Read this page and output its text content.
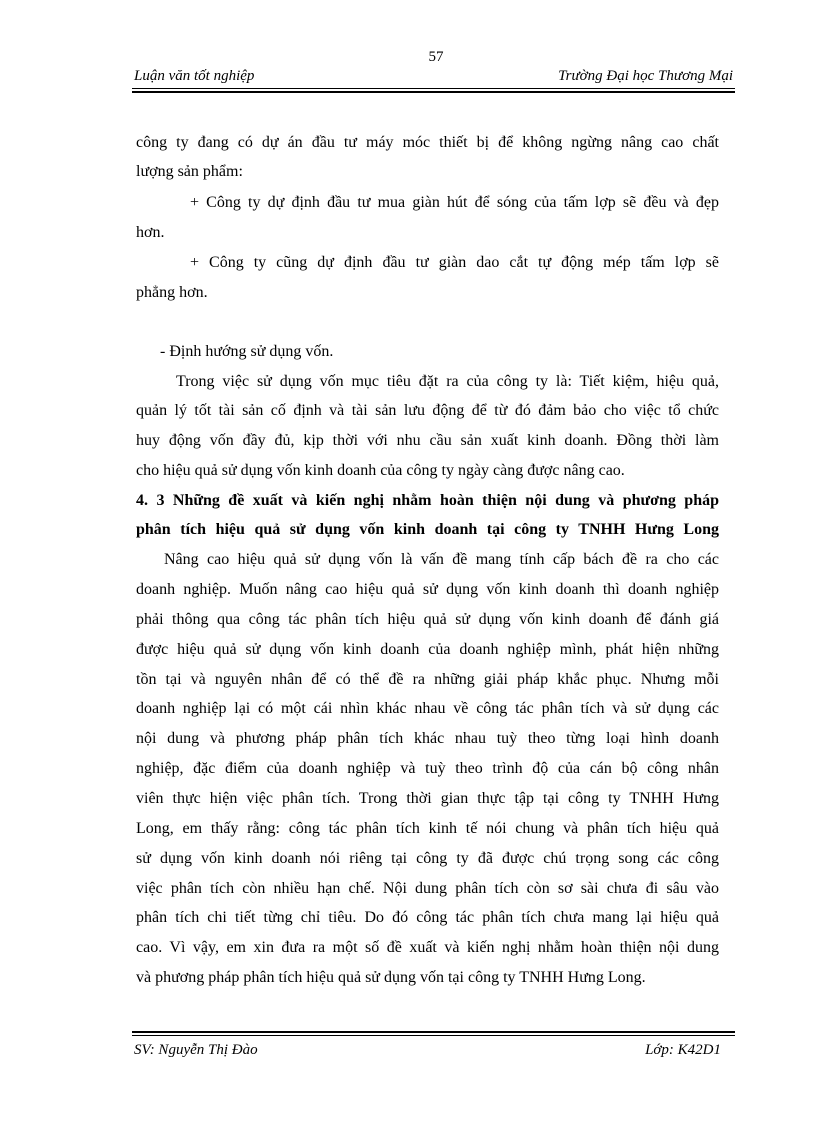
57
Luận văn tốt nghiệp	Trường Đại học Thương Mại
công ty đang có dự án đầu tư máy móc thiết bị để không ngừng nâng cao chất
lượng sản phẩm:
+ Công ty dự định đầu tư mua giàn hút để sóng của tấm lợp sẽ đều và đẹp
hơn.
+ Công ty cũng dự định đầu tư giàn dao cắt tự động mép tấm lợp sẽ
phẳng hơn.
- Định hướng sử dụng vốn.
Trong việc sử dụng vốn mục tiêu đặt ra của công ty là: Tiết kiệm, hiệu quả,
quản lý tốt tài sản cố định và tài sản lưu động để từ đó đảm bảo cho việc tổ chức
huy động vốn đầy đủ, kịp thời với nhu cầu sản xuất kinh doanh. Đồng thời làm
cho hiệu quả sử dụng vốn kinh doanh của công ty ngày càng được nâng cao.
4. 3 Những đề xuất và kiến nghị nhằm hoàn thiện nội dung và phương pháp
phân tích hiệu quả sử dụng vốn kinh doanh tại công ty TNHH Hưng Long
Nâng cao hiệu quả sử dụng vốn là vấn đề mang tính cấp bách đề ra cho các
doanh nghiệp. Muốn nâng cao hiệu quả sử dụng vốn kinh doanh thì doanh nghiệp
phải thông qua công tác phân tích hiệu quả sử dụng vốn kinh doanh để đánh giá
được hiệu quả sử dụng vốn kinh doanh của doanh nghiệp mình, phát hiện những
tồn tại và nguyên nhân để có thể đề ra những giải pháp khắc phục. Nhưng mỗi
doanh nghiệp lại có một cái nhìn khác nhau về công tác phân tích và sử dụng các
nội dung và phương pháp phân tích khác nhau tuỳ theo từng loại hình doanh
nghiệp, đặc điểm của doanh nghiệp và tuỳ theo trình độ của cán bộ công nhân
viên thực hiện việc phân tích. Trong thời gian thực tập tại công ty TNHH Hưng
Long, em thấy rằng: công tác phân tích kinh tế nói chung và phân tích hiệu quả
sử dụng vốn kinh doanh nói riêng tại công ty đã được chú trọng song các công
việc phân tích còn nhiều hạn chế. Nội dung phân tích còn sơ sài chưa đi sâu vào
phân tích chi tiết từng chỉ tiêu. Do đó công tác phân tích chưa mang lại hiệu quả
cao. Vì vậy, em xin đưa ra một số đề xuất và kiến nghị nhằm hoàn thiện nội dung
và phương pháp phân tích hiệu quả sử dụng vốn tại công ty TNHH Hưng Long.
SV: Nguyễn Thị Đào	Lớp: K42D1
